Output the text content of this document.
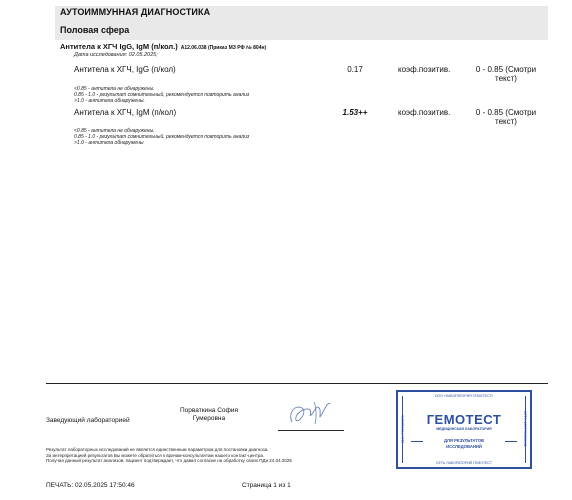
АУТОИММУННАЯ ДИАГНОСТИКА
Половая сфера
Антитела к ХГЧ IgG, IgM (п/кол.) A12.06.038 (Приказ МЗ РФ № 804н)
Дата исследования: 02.05.2025;
Антитела к ХГЧ, IgG (п/кол)	0.17	коэф.позитив.	0 - 0.85 (Смотри
текст)
<0.85 - антитела не обнаружены.
0.85 - 1.0 - результат сомнительный, рекомендуется повторить анализ
>1.0 - антитела обнаружены.
Антитела к ХГЧ, IgM (п/кол)	1.53++	коэф.позитив.	0 - 0.85 (Смотри
текст)
<0.85 - антитела не обнаружены.
0.85 - 1.0 - результат сомнительный, рекомендуется повторить анализ
>1.0 - антитела обнаружены
Заведующий лабораторией
Порваткина София
Гумеровна
Результат лабораторных исследований не является единственным параметром для постановки диагноза.
За интерпретацией результатов Вы можете обратиться к врачам-консультантам нашего контакт-центра.
Получая данный результат анализов, пациент подтверждает, что давал согласие на обработку своих ПДн 24.04.2025
ООО «ЛАБОРАТОРИЯ ГЕМОТЕСТ»
ИНН 7709383571	ОГРН 1037709058442
ГЕМОТЕСТ
МЕДИЦИНСКАЯ ЛАБОРАТОРИЯ
ДЛЯ РЕЗУЛЬТАТОВ
ИССЛЕДОВАНИЙ
СЕТЬ ЛАБОРАТОРИЙ ГЕМОТЕСТ
ПЕЧАТЬ: 02.05.2025 17:50:46	Страница 1 из 1
